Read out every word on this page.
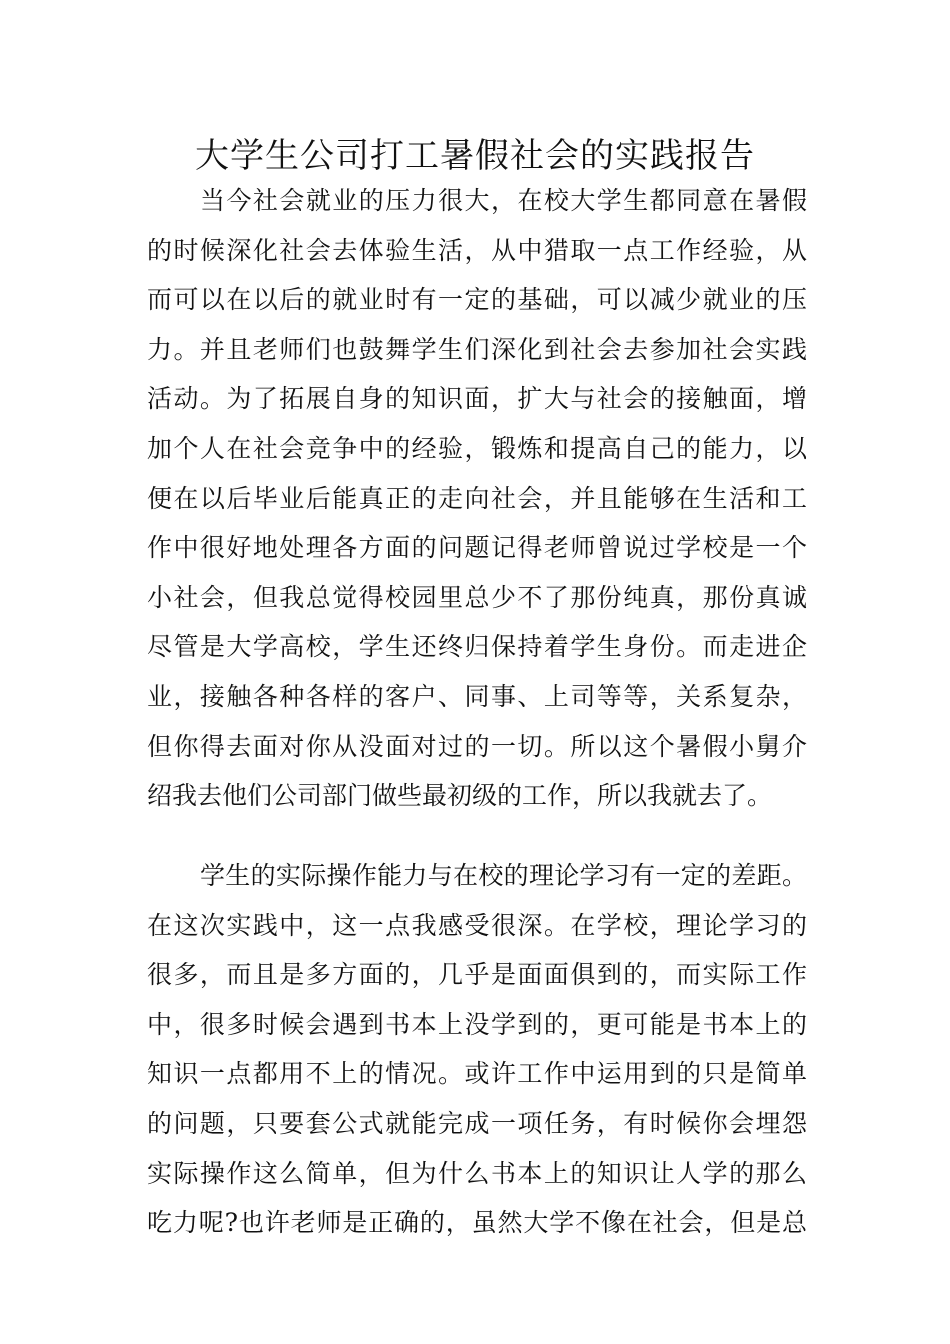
大学生公司打工暑假社会的实践报告
当今社会就业的压力很大，在校大学生都同意在暑假
的时候深化社会去体验生活，从中猎取一点工作经验，从
而可以在以后的就业时有一定的基础，可以减少就业的压
力。并且老师们也鼓舞学生们深化到社会去参加社会实践
活动。为了拓展自身的知识面，扩大与社会的接触面，增
加个人在社会竞争中的经验，锻炼和提高自己的能力，以
便在以后毕业后能真正的走向社会，并且能够在生活和工
作中很好地处理各方面的问题记得老师曾说过学校是一个
小社会，但我总觉得校园里总少不了那份纯真，那份真诚
尽管是大学高校，学生还终归保持着学生身份。而走进企
业，接触各种各样的客户、同事、上司等等，关系复杂，
但你得去面对你从没面对过的一切。所以这个暑假小舅介
绍我去他们公司部门做些最初级的工作，所以我就去了。
学生的实际操作能力与在校的理论学习有一定的差距。
在这次实践中，这一点我感受很深。在学校，理论学习的
很多，而且是多方面的，几乎是面面俱到的，而实际工作
中，很多时候会遇到书本上没学到的，更可能是书本上的
知识一点都用不上的情况。或许工作中运用到的只是简单
的问题，只要套公式就能完成一项任务，有时候你会埋怨
实际操作这么简单，但为什么书本上的知识让人学的那么
吃力呢?也许老师是正确的，虽然大学不像在社会，但是总
